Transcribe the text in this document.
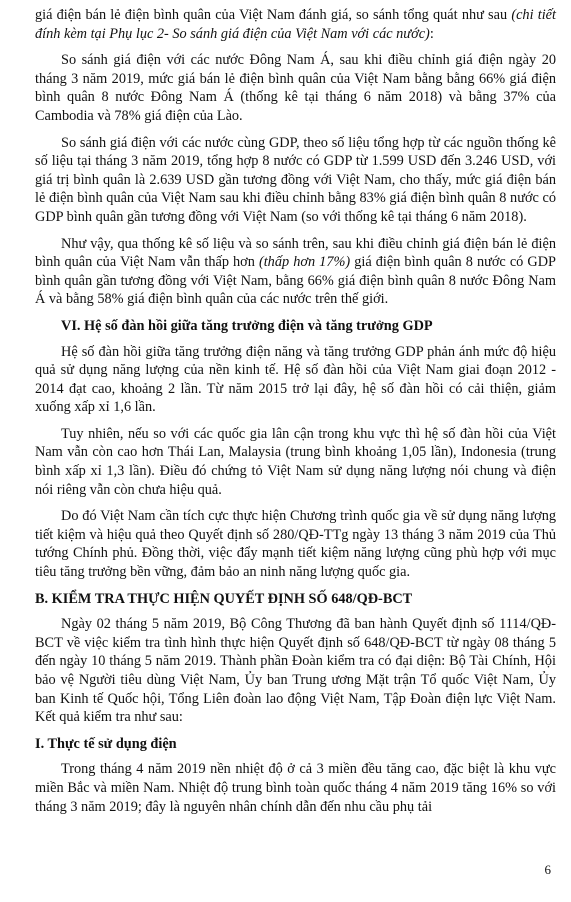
giá điện bán lẻ điện bình quân của Việt Nam đánh giá, so sánh tổng quát như sau (chi tiết đính kèm tại Phụ lục 2- So sánh giá điện của Việt Nam với các nước):

So sánh giá điện với các nước Đông Nam Á, sau khi điều chỉnh giá điện ngày 20 tháng 3 năm 2019, mức giá bán lẻ điện bình quân của Việt Nam bằng bằng 66% giá điện bình quân 8 nước Đông Nam Á (thống kê tại tháng 6 năm 2018) và bằng 37% của Cambodia và 78% giá điện của Lào.

So sánh giá điện với các nước cùng GDP, theo số liệu tổng hợp từ các nguồn thống kê số liệu tại tháng 3 năm 2019, tổng hợp 8 nước có GDP từ 1.599 USD đến 3.246 USD, với giá trị bình quân là 2.639 USD gần tương đồng với Việt Nam, cho thấy, mức giá điện bán lẻ điện bình quân của Việt Nam sau khi điều chỉnh bằng 83% giá điện bình quân 8 nước có GDP bình quân gần tương đồng với Việt Nam (so với thống kê tại tháng 6 năm 2018).

Như vậy, qua thống kê số liệu và so sánh trên, sau khi điều chỉnh giá điện bán lẻ điện bình quân của Việt Nam vẫn thấp hơn (thấp hơn 17%) giá điện bình quân 8 nước có GDP bình quân gần tương đồng với Việt Nam, bằng 66% giá điện bình quân 8 nước Đông Nam Á và bằng 58% giá điện bình quân của các nước trên thế giới.

VI. Hệ số đàn hồi giữa tăng trưởng điện và tăng trưởng GDP

Hệ số đàn hồi giữa tăng trưởng điện năng và tăng trưởng GDP phản ánh mức độ hiệu quả sử dụng năng lượng của nền kinh tế. Hệ số đàn hồi của Việt Nam giai đoạn 2012 - 2014 đạt cao, khoảng 2 lần. Từ năm 2015 trở lại đây, hệ số đàn hồi có cải thiện, giảm xuống xấp xỉ 1,6 lần.

Tuy nhiên, nếu so với các quốc gia lân cận trong khu vực thì hệ số đàn hồi của Việt Nam vẫn còn cao hơn Thái Lan, Malaysia (trung bình khoảng 1,05 lần), Indonesia (trung bình xấp xỉ 1,3 lần). Điều đó chứng tỏ Việt Nam sử dụng năng lượng nói chung và điện nói riêng vẫn còn chưa hiệu quả.

Do đó Việt Nam cần tích cực thực hiện Chương trình quốc gia về sử dụng năng lượng tiết kiệm và hiệu quả theo Quyết định số 280/QĐ-TTg ngày 13 tháng 3 năm 2019 của Thủ tướng Chính phủ. Đồng thời, việc đẩy mạnh tiết kiệm năng lượng cũng phù hợp với mục tiêu tăng trưởng bền vững, đảm bảo an ninh năng lượng quốc gia.

B. KIỂM TRA THỰC HIỆN QUYẾT ĐỊNH SỐ 648/QĐ-BCT

Ngày 02 tháng 5 năm 2019, Bộ Công Thương đã ban hành Quyết định số 1114/QĐ-BCT về việc kiểm tra tình hình thực hiện Quyết định số 648/QĐ-BCT từ ngày 08 tháng 5 đến ngày 10 tháng 5 năm 2019. Thành phần Đoàn kiểm tra có đại diện: Bộ Tài Chính, Hội bảo vệ Người tiêu dùng Việt Nam, Ủy ban Trung ương Mặt trận Tổ quốc Việt Nam, Ủy ban Kinh tế Quốc hội, Tổng Liên đoàn lao động Việt Nam, Tập Đoàn điện lực Việt Nam. Kết quả kiểm tra như sau:

I. Thực tế sử dụng điện

Trong tháng 4 năm 2019 nền nhiệt độ ở cả 3 miền đều tăng cao, đặc biệt là khu vực miền Bắc và miền Nam. Nhiệt độ trung bình toàn quốc tháng 4 năm 2019 tăng 16% so với tháng 3 năm 2019; đây là nguyên nhân chính dẫn đến nhu cầu phụ tải

6
